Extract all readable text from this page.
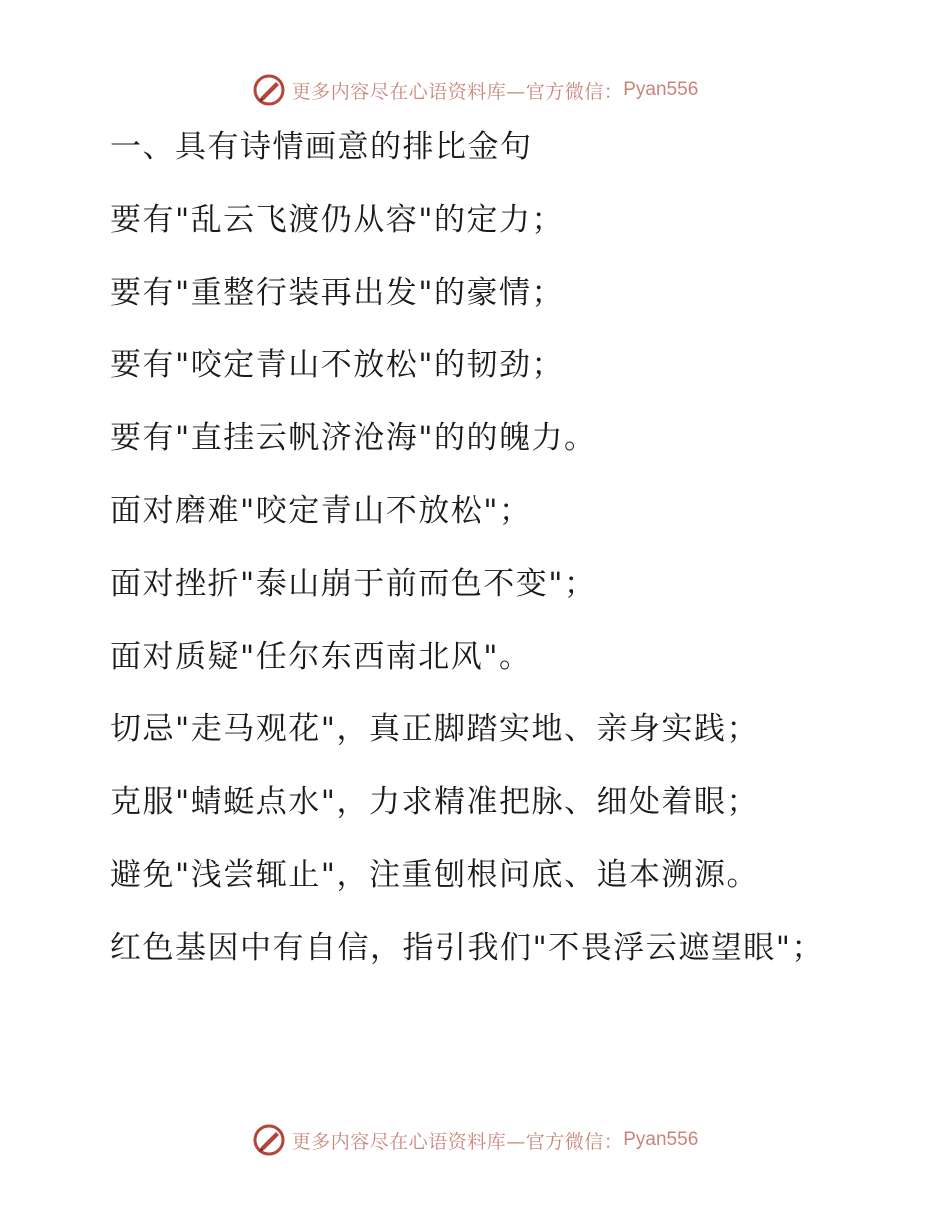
更多内容尽在心语资料库—官方微信： Pyan556
一、具有诗情画意的排比金句
要有"乱云飞渡仍从容"的定力；
要有"重整行装再出发"的豪情；
要有"咬定青山不放松"的韧劲；
要有"直挂云帆济沧海"的的魄力。
面对磨难"咬定青山不放松"；
面对挫折"泰山崩于前而色不变"；
面对质疑"任尔东西南北风"。
切忌"走马观花"，真正脚踏实地、亲身实践；
克服"蜻蜓点水"，力求精准把脉、细处着眼；
避免"浅尝辄止"，注重刨根问底、追本溯源。
红色基因中有自信，指引我们"不畏浮云遮望眼"；
更多内容尽在心语资料库—官方微信： Pyan556
